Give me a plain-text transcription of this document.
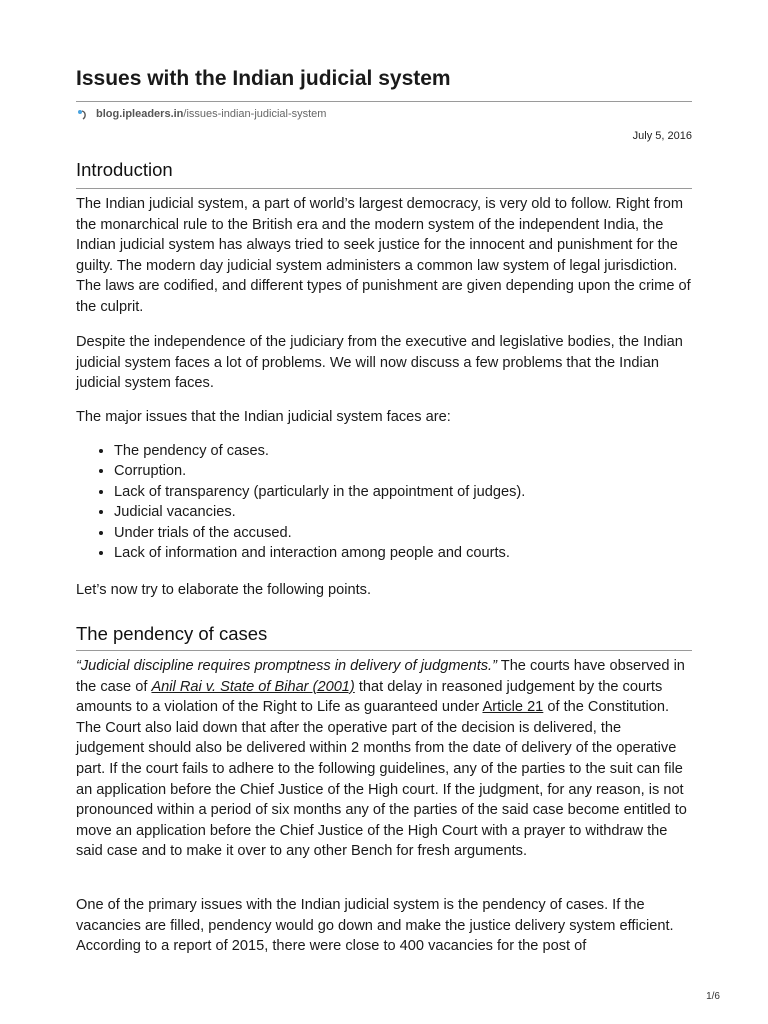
Issues with the Indian judicial system
blog.ipleaders.in /issues-indian-judicial-system
July 5, 2016
Introduction

The Indian judicial system, a part of world’s largest democracy, is very old to follow. Right from the monarchical rule to the British era and the modern system of the independent India, the Indian judicial system has always tried to seek justice for the innocent and punishment for the guilty. The modern day judicial system administers a common law system of legal jurisdiction. The laws are codified, and different types of punishment are given depending upon the crime of the culprit.

Despite the independence of the judiciary from the executive and legislative bodies, the Indian judicial system faces a lot of problems. We will now discuss a few problems that the Indian judicial system faces.

The major issues that the Indian judicial system faces are:

• The pendency of cases.
• Corruption.
• Lack of transparency (particularly in the appointment of judges).
• Judicial vacancies.
• Under trials of the accused.
• Lack of information and interaction among people and courts.

Let’s now try to elaborate the following points.

The pendency of cases

“Judicial discipline requires promptness in delivery of judgments.” The courts have observed in the case of Anil Rai v. State of Bihar (2001) that delay in reasoned judgement by the courts amounts to a violation of the Right to Life as guaranteed under Article 21 of the Constitution. The Court also laid down that after the operative part of the decision is delivered, the judgement should also be delivered within 2 months from the date of delivery of the operative part. If the court fails to adhere to the following guidelines, any of the parties to the suit can file an application before the Chief Justice of the High court. If the judgment, for any reason, is not pronounced within a period of six months any of the parties of the said case become entitled to move an application before the Chief Justice of the High Court with a prayer to withdraw the said case and to make it over to any other Bench for fresh arguments.

One of the primary issues with the Indian judicial system is the pendency of cases. If the vacancies are filled, pendency would go down and make the justice delivery system efficient. According to a report of 2015, there were close to 400 vacancies for the post of

1/6
